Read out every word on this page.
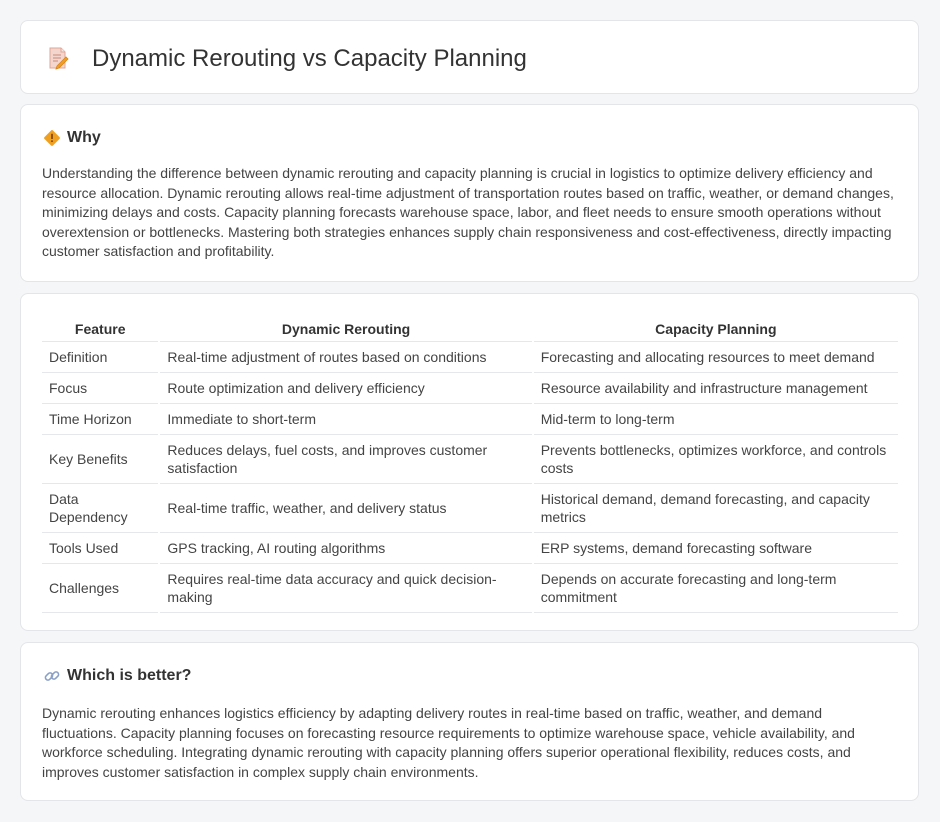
Dynamic Rerouting vs Capacity Planning
Why

Understanding the difference between dynamic rerouting and capacity planning is crucial in logistics to optimize delivery efficiency and resource allocation. Dynamic rerouting allows real-time adjustment of transportation routes based on traffic, weather, or demand changes, minimizing delays and costs. Capacity planning forecasts warehouse space, labor, and fleet needs to ensure smooth operations without overextension or bottlenecks. Mastering both strategies enhances supply chain responsiveness and cost-effectiveness, directly impacting customer satisfaction and profitability.

Feature	Dynamic Rerouting	Capacity Planning
Definition	Real-time adjustment of routes based on conditions	Forecasting and allocating resources to meet demand
Focus	Route optimization and delivery efficiency	Resource availability and infrastructure management
Time Horizon	Immediate to short-term	Mid-term to long-term
Key Benefits	Reduces delays, fuel costs, and improves customer satisfaction	Prevents bottlenecks, optimizes workforce, and controls costs
Data Dependency	Real-time traffic, weather, and delivery status	Historical demand, demand forecasting, and capacity metrics
Tools Used	GPS tracking, AI routing algorithms	ERP systems, demand forecasting software
Challenges	Requires real-time data accuracy and quick decision-making	Depends on accurate forecasting and long-term commitment
Which is better?

Dynamic rerouting enhances logistics efficiency by adapting delivery routes in real-time based on traffic, weather, and demand fluctuations. Capacity planning focuses on forecasting resource requirements to optimize warehouse space, vehicle availability, and workforce scheduling. Integrating dynamic rerouting with capacity planning offers superior operational flexibility, reduces costs, and improves customer satisfaction in complex supply chain environments.
